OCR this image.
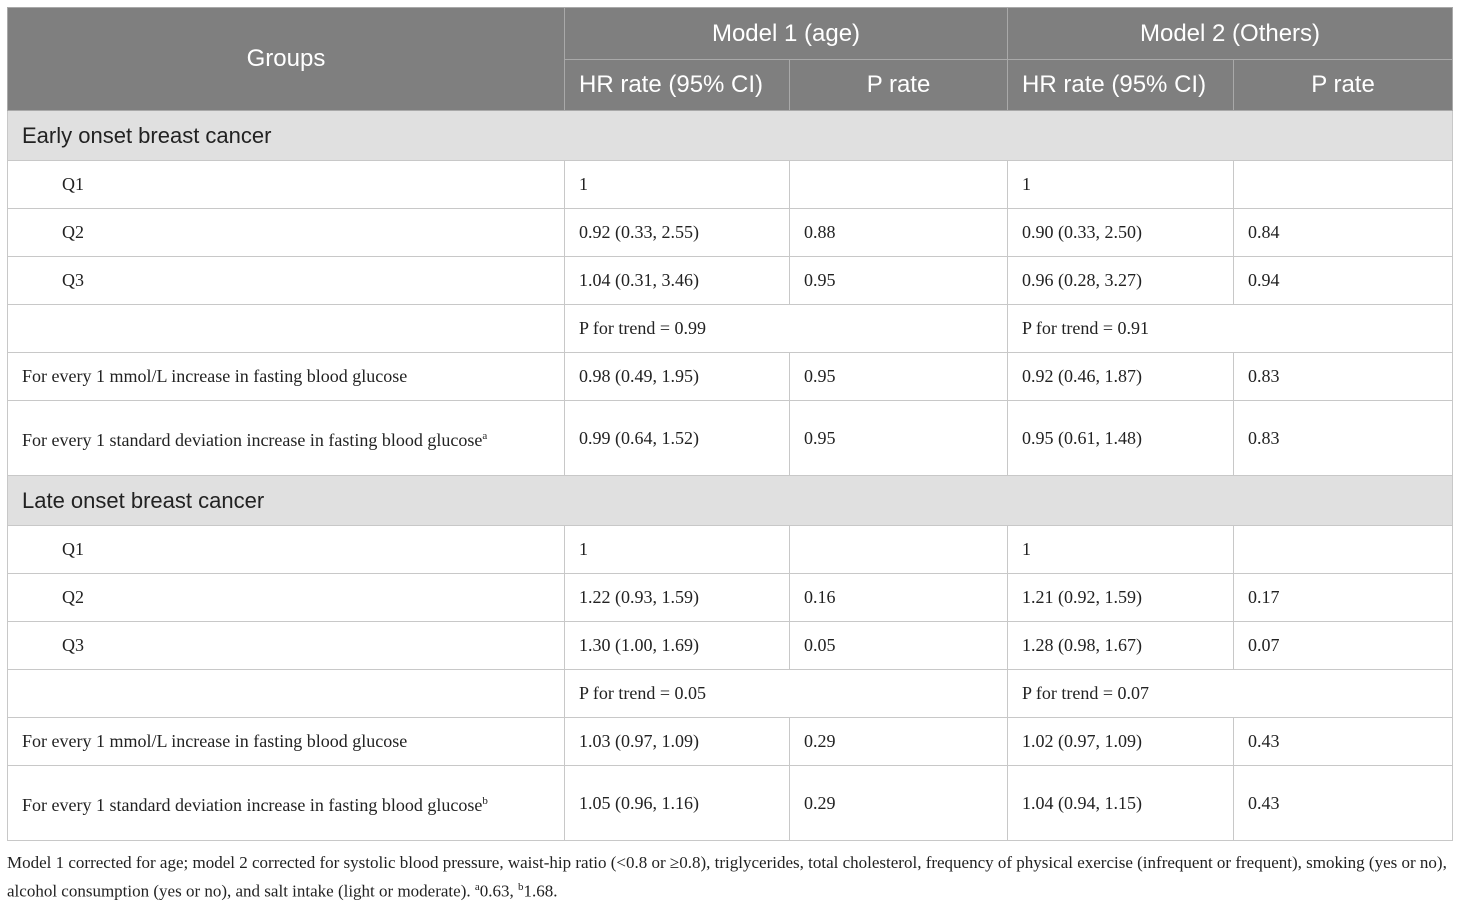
Groups	Model 1 (age)		Model 2 (Others)	
	HR rate (95% CI)	P rate	HR rate (95% CI)	P rate
Early onset breast cancer				
Q1	1		1	
Q2	0.92 (0.33, 2.55)	0.88	0.90 (0.33, 2.50)	0.84
Q3	1.04 (0.31, 3.46)	0.95	0.96 (0.28, 3.27)	0.94
	P for trend = 0.99		P for trend = 0.91	
For every 1 mmol/L increase in fasting blood glucose	0.98 (0.49, 1.95)	0.95	0.92 (0.46, 1.87)	0.83
For every 1 standard deviation increase in fasting blood glucose$^a$	0.99 (0.64, 1.52)	0.95	0.95 (0.61, 1.48)	0.83
Late onset breast cancer				
Q1	1		1	
Q2	1.22 (0.93, 1.59)	0.16	1.21 (0.92, 1.59)	0.17
Q3	1.30 (1.00, 1.69)	0.05	1.28 (0.98, 1.67)	0.07
	P for trend = 0.05		P for trend = 0.07	
For every 1 mmol/L increase in fasting blood glucose	1.03 (0.97, 1.09)	0.29	1.02 (0.97, 1.09)	0.43
For every 1 standard deviation increase in fasting blood glucose$^b$	1.05 (0.96, 1.16)	0.29	1.04 (0.94, 1.15)	0.43
Model 1 corrected for age; model 2 corrected for systolic blood pressure, waist-hip ratio (<0.8 or ≥0.8), triglycerides, total cholesterol, frequency of physical exercise (infrequent or frequent), smoking (yes or no), alcohol consumption (yes or no), and salt intake (light or moderate). $^a$0.63, $^b$1.68.
